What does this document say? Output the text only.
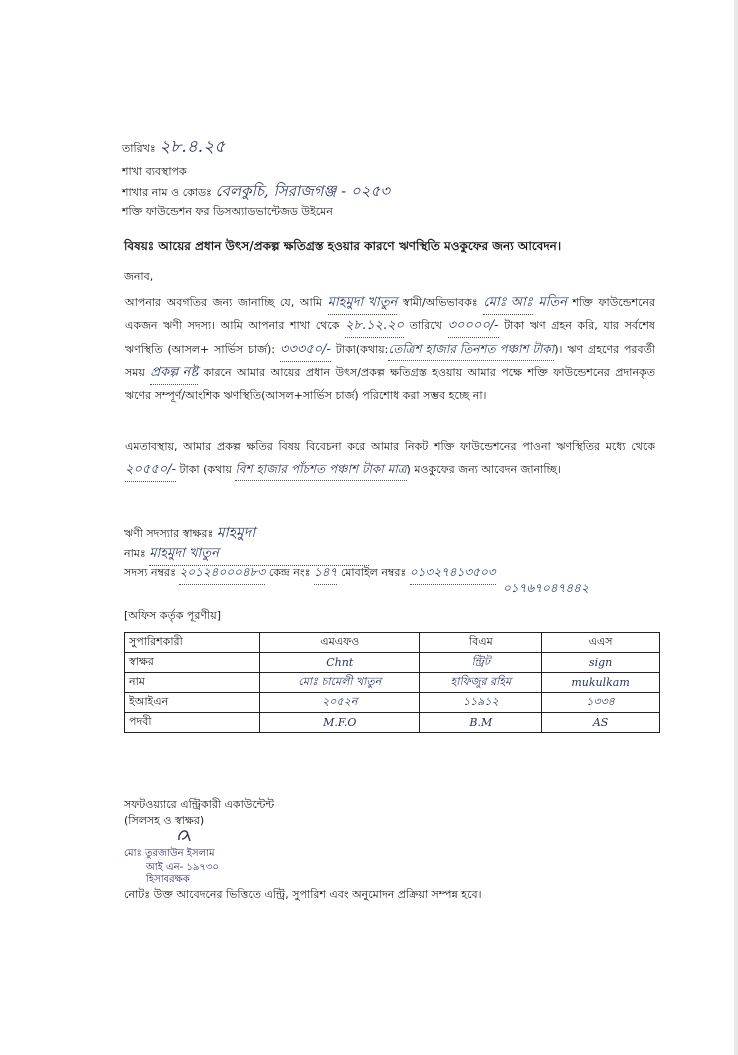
তারিখঃ ২৮.৪.২৫
শাখা ব্যবস্থাপক
শাখার নাম ও কোডঃ বেলকুচি, সিরাজগঞ্জ - ০২৫৩
শক্তি ফাউন্ডেশন ফর ডিসঅ্যাডভান্টেজড উইমেন
বিষয়ঃ আয়ের প্রধান উৎস/প্রকল্প ক্ষতিগ্রস্ত হওয়ার কারণে ঋণস্থিতি মওকুফের জন্য আবেদন।
জনাব,
আপনার অবগতির জন্য জানাচ্ছি যে, আমি মাহমুদা খাতুন স্বামী/অভিভাবকঃ মোঃ আঃ মতিন শক্তি ফাউন্ডেশনের একজন ঋণী সদস্য। আমি আপনার শাখা থেকে ২৮.১২.২০ তারিখে ৩০০০০/- টাকা ঋণ গ্রহন করি, যার সর্বশেষ ঋণস্থিতি (আসল+ সার্ভিস চার্জ): ৩৩৩৫০/- টাকা(কথায়:তেত্রিশ হাজার তিনশত পঞ্চাশ টাকা)। ঋণ গ্রহণের পরবর্তী সময় প্রকল্প নষ্ট কারনে আমার আয়ের প্রধান উৎস/প্রকল্প ক্ষতিগ্রস্ত হওয়ায় আমার পক্ষে শক্তি ফাউন্ডেশনের প্রদানকৃত ঋণের সম্পূর্ণ/আংশিক ঋণস্থিতি(আসল+সার্ভিস চার্জ) পরিশোধ করা সম্ভব হচ্ছে না।
এমতাবস্থায়, আমার প্রকল্প ক্ষতির বিষয় বিবেচনা করে আমার নিকট শক্তি ফাউন্ডেশনের পাওনা ঋণস্থিতির মধ্যে থেকে ২০৫৫০/- টাকা (কথায় বিশ হাজার পাঁচশত পঞ্চাশ টাকা মাত্র) মওকুফের জন্য আবেদন জানাচ্ছি।
ঋণী সদস্যার স্বাক্ষরঃ মাহমুদা
নামঃ মাহমুদা খাতুন
সদস্য নম্বরঃ ২০১২৪০০০৪৮৩ কেন্দ্র নংঃ ১৪৭ মোবাইল নম্বরঃ ০১৩২৭৪১৩৫০৩
০১৭৬৭০৪৭৪৪২
[অফিস কর্তৃক পূরণীয়]
সুপারিশকারী	এমএফও	বিএম	এএস
স্বাক্ষর	Chnt	ন্ট্রিট	sign
নাম	মোঃ চামেলী খাতুন	হাফিজুর রহিম	mukulkam
ইআইএন	২০৫২ন	১১৯১২	১৩৩৪
পদবী	M.F.O	B.M	AS
সফটওয়্যারে এন্ট্রিকারী একাউন্টেন্ট
(সিলসহ ও স্বাক্ষর)
মোঃ তুরজাউন ইসলাম
আই এন- ১৯৭৩০
হিসাবরক্ষক
নোটঃ উক্ত আবেদনের ভিত্তিতে এন্ট্রি, সুপারিশ এবং অনুমোদন প্রক্রিয়া সম্পন্ন হবে।
